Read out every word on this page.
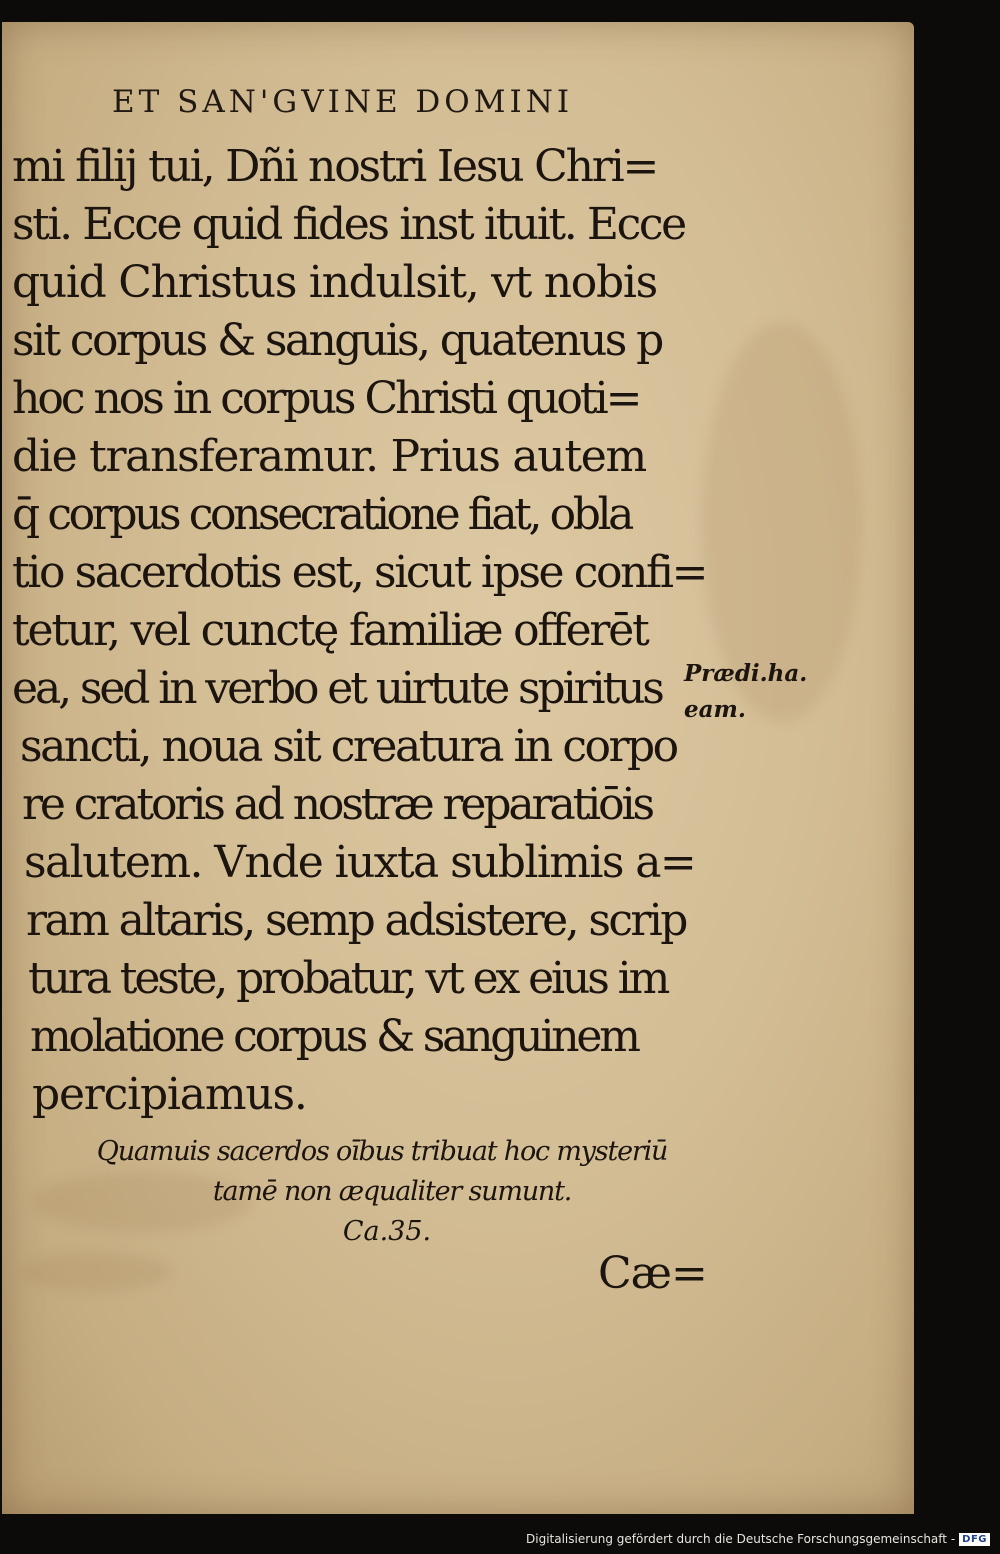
ET SAN'GVINE DOMINI
mi filij tui, Dñi nostri Iesu Chri=
sti. Ecce quid fides inst ituit. Ecce
quid Christus indulsit, vt nobis
sit corpus & sanguis, quatenus p
hoc nos in corpus Christi quoti=
die transferamur. Prius autem
q̄ corpus consecratione fiat, obla
tio sacerdotis est, sicut ipse confi=
tetur, vel cunctę familiæ offerēt
ea, sed in verbo et uirtute spiritus
sancti, noua sit creatura in corpo
re cratoris ad nostræ reparatiōis
salutem. Vnde iuxta sublimis a=
ram altaris, semp adsistere, scrip
tura teste, probatur, vt ex eius im
molatione corpus & sanguinem
percipiamus.
Prædi.ha.
eam.
Quamuis sacerdos oībus tribuat hoc mysteriū
tamē non æqualiter sumunt.
Ca.35.
Cæ=
Digitalisierung gefördert durch die Deutsche Forschungsgemeinschaft - DFG
